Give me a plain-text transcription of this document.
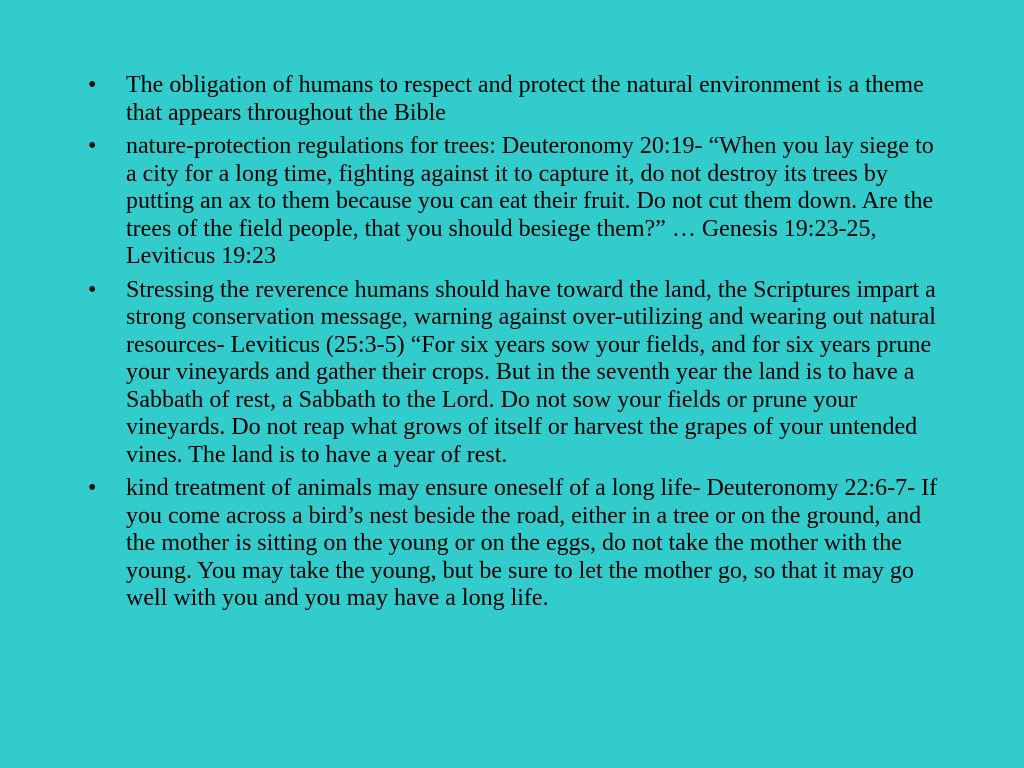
•	The obligation of humans to respect and protect the natural environment is a theme that appears throughout the Bible
•	nature-protection regulations for trees: Deuteronomy 20:19- “When you lay siege to a city for a long time, fighting against it to capture it, do not destroy its trees by putting an ax to them because you can eat their fruit. Do not cut them down. Are the trees of the field people, that you should besiege them?” … Genesis 19:23-25, Leviticus 19:23
•	Stressing the reverence humans should have toward the land, the Scriptures impart a strong conservation message, warning against over-utilizing and wearing out natural resources- Leviticus (25:3-5) “For six years sow your fields, and for six years prune your vineyards and gather their crops. But in the seventh year the land is to have a Sabbath of rest, a Sabbath to the Lord. Do not sow your fields or prune your vineyards. Do not reap what grows of itself or harvest the grapes of your untended vines. The land is to have a year of rest.
•	kind treatment of animals may ensure oneself of a long life- Deuteronomy 22:6-7- If you come across a bird’s nest beside the road, either in a tree or on the ground, and the mother is sitting on the young or on the eggs, do not take the mother with the young. You may take the young, but be sure to let the mother go, so that it may go well with you and you may have a long life.
